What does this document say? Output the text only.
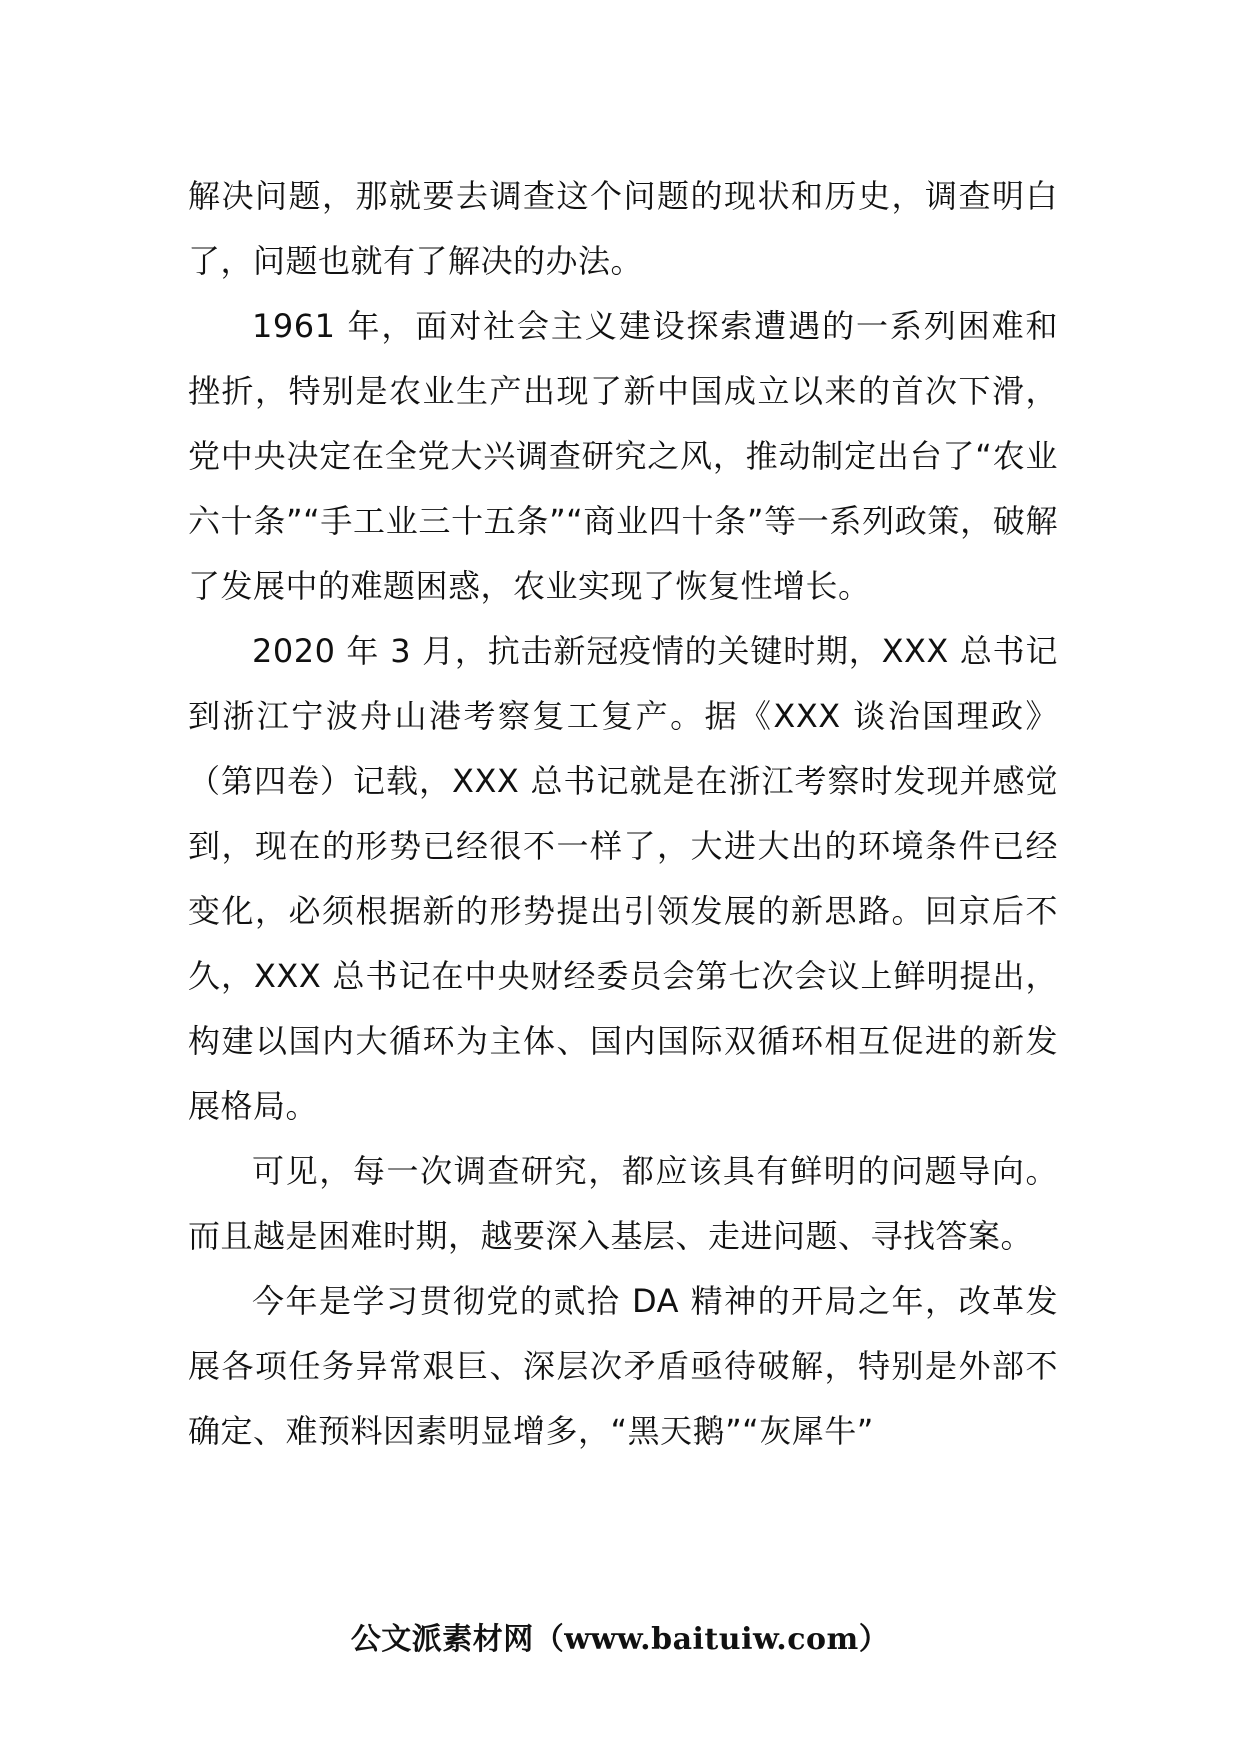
解决问题，那就要去调查这个问题的现状和历史，调查明白了，问题也就有了解决的办法。

1961 年，面对社会主义建设探索遭遇的一系列困难和挫折，特别是农业生产出现了新中国成立以来的首次下滑，党中央决定在全党大兴调查研究之风，推动制定出台了“农业六十条”“手工业三十五条”“商业四十条”等一系列政策，破解了发展中的难题困惑，农业实现了恢复性增长。

2020 年 3 月，抗击新冠疫情的关键时期，XXX 总书记到浙江宁波舟山港考察复工复产。据《XXX 谈治国理政》（第四卷）记载，XXX 总书记就是在浙江考察时发现并感觉到，现在的形势已经很不一样了，大进大出的环境条件已经变化，必须根据新的形势提出引领发展的新思路。回京后不久，XXX 总书记在中央财经委员会第七次会议上鲜明提出，构建以国内大循环为主体、国内国际双循环相互促进的新发展格局。

可见，每一次调查研究，都应该具有鲜明的问题导向。而且越是困难时期，越要深入基层、走进问题、寻找答案。

今年是学习贯彻党的贰拾 DA 精神的开局之年，改革发展各项任务异常艰巨、深层次矛盾亟待破解，特别是外部不确定、难预料因素明显增多，“黑天鹅”“灰犀牛”

公文派素材网（www.baituiw.com）
